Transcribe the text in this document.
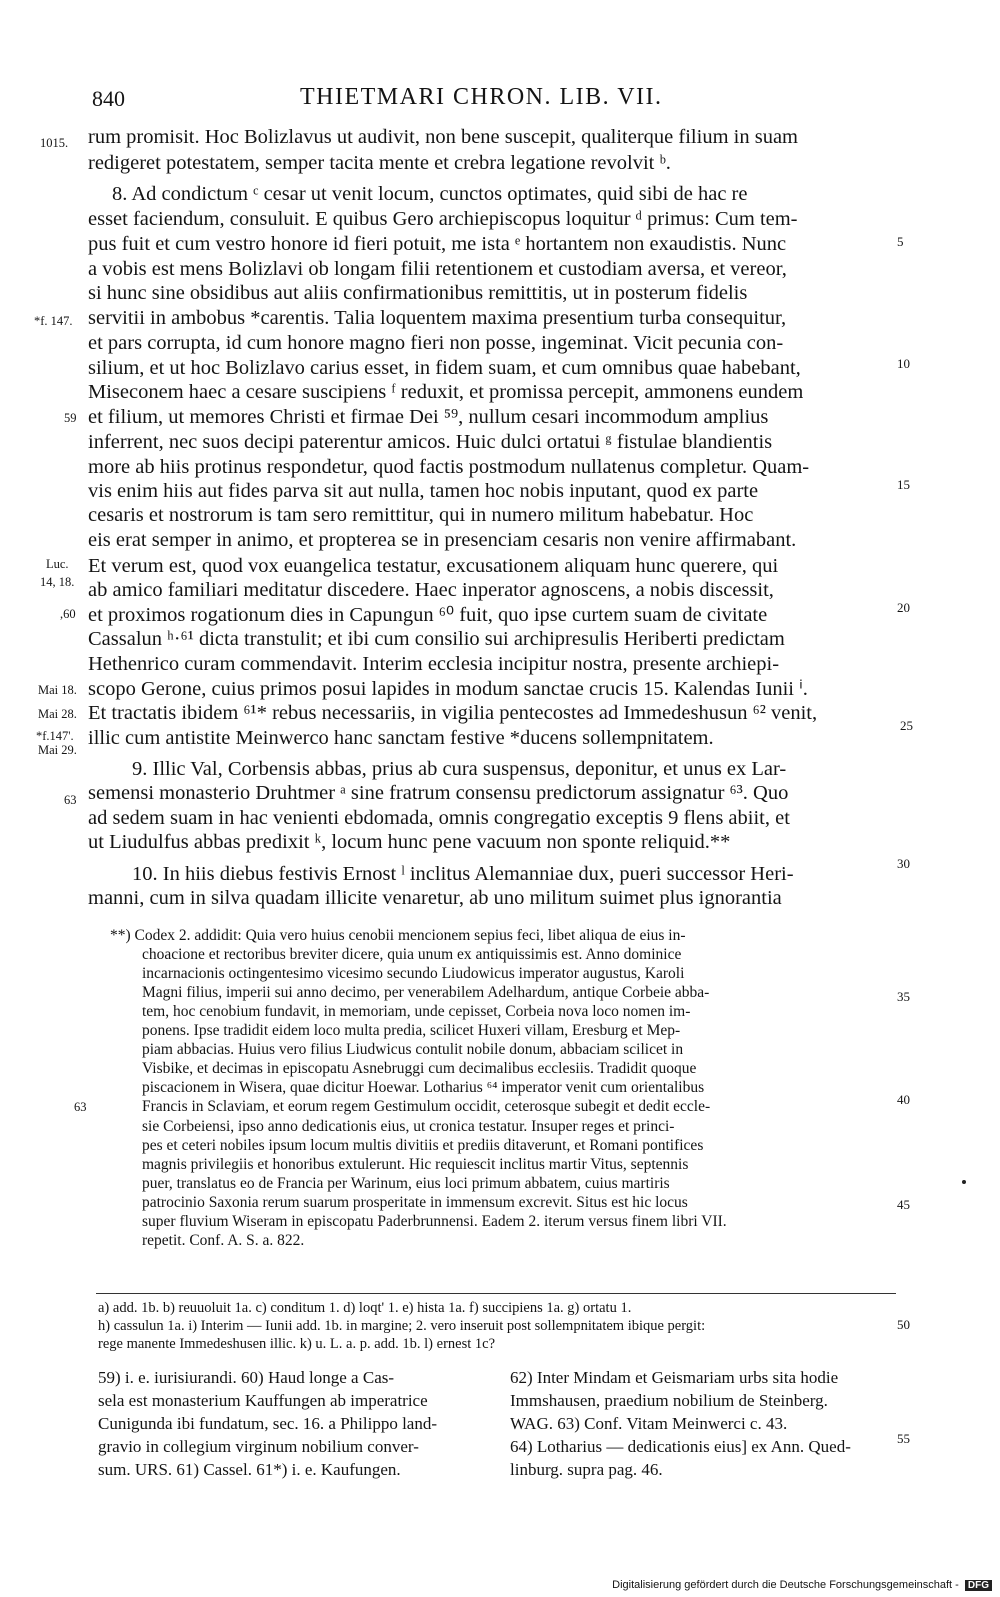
840	THIETMARI CHRON. LIB. VII.
1015.
*f. 147.
59
Luc.
14, 18.
,60
Mai 18.
Mai 28.
*f.147'.
Mai 29.
63
63
5
10
15
20
25
30
35
40
45
50
55
rum promisit. Hoc Bolizlavus ut audivit, non bene suscepit, qualiterque filium in suam
redigeret potestatem, semper tacita mente et crebra legatione revolvit ᵇ.
8. Ad condictum ᶜ cesar ut venit locum, cunctos optimates, quid sibi de hac re
esset faciendum, consuluit. E quibus Gero archiepiscopus loquitur ᵈ primus: Cum tem-
pus fuit et cum vestro honore id fieri potuit, me ista ᵉ hortantem non exaudistis. Nunc
a vobis est mens Bolizlavi ob longam filii retentionem et custodiam aversa, et vereor,
si hunc sine obsidibus aut aliis confirmationibus remittitis, ut in posterum fidelis
servitii in ambobus *carentis. Talia loquentem maxima presentium turba consequitur,
et pars corrupta, id cum honore magno fieri non posse, ingeminat. Vicit pecunia con-
silium, et ut hoc Bolizlavo carius esset, in fidem suam, et cum omnibus quae habebant,
Miseconem haec a cesare suscipiens ᶠ reduxit, et promissa percepit, ammonens eundem
et filium, ut memores Christi et firmae Dei ⁵⁹, nullum cesari incommodum amplius
inferrent, nec suos decipi paterentur amicos. Huic dulci ortatui ᵍ fistulae blandientis
more ab hiis protinus respondetur, quod factis postmodum nullatenus completur. Quam-
vis enim hiis aut fides parva sit aut nulla, tamen hoc nobis inputant, quod ex parte
cesaris et nostrorum is tam sero remittitur, qui in numero militum habebatur. Hoc
eis erat semper in animo, et propterea se in presenciam cesaris non venire affirmabant.
Et verum est, quod vox euangelica testatur, excusationem aliquam hunc querere, qui
ab amico familiari meditatur discedere. Haec inperator agnoscens, a nobis discessit,
et proximos rogationum dies in Capungun ⁶⁰ fuit, quo ipse curtem suam de civitate
Cassalun ʰ·⁶¹ dicta transtulit; et ibi cum consilio sui archipresulis Heriberti predictam
Hethenrico curam commendavit. Interim ecclesia incipitur nostra, presente archiepi-
scopo Gerone, cuius primos posui lapides in modum sanctae crucis 15. Kalendas Iunii ⁱ.
Et tractatis ibidem ⁶¹* rebus necessariis, in vigilia pentecostes ad Immedeshusun ⁶² venit,
illic cum antistite Meinwerco hanc sanctam festive *ducens sollempnitatem.
9. Illic Val, Corbensis abbas, prius ab cura suspensus, deponitur, et unus ex Lar-
semensi monasterio Druhtmer ᵃ sine fratrum consensu predictorum assignatur ⁶³. Quo
ad sedem suam in hac venienti ebdomada, omnis congregatio exceptis 9 flens abiit, et
ut Liudulfus abbas predixit ᵏ, locum hunc pene vacuum non sponte reliquid.**
10. In hiis diebus festivis Ernost ˡ inclitus Alemanniae dux, pueri successor Heri-
manni, cum in silva quadam illicite venaretur, ab uno militum suimet plus ignorantia
**) Codex 2. addidit: Quia vero huius cenobii mencionem sepius feci, libet aliqua de eius in-
choacione et rectoribus breviter dicere, quia unum ex antiquissimis est. Anno dominice
incarnacionis octingentesimo vicesimo secundo Liudowicus imperator augustus, Karoli
Magni filius, imperii sui anno decimo, per venerabilem Adelhardum, antique Corbeie abba-
tem, hoc cenobium fundavit, in memoriam, unde cepisset, Corbeia nova loco nomen im-
ponens. Ipse tradidit eidem loco multa predia, scilicet Huxeri villam, Eresburg et Mep-
piam abbacias. Huius vero filius Liudwicus contulit nobile donum, abbaciam scilicet in
Visbike, et decimas in episcopatu Asnebruggi cum decimalibus ecclesiis. Tradidit quoque
piscacionem in Wisera, quae dicitur Hoewar. Lotharius ⁶⁴ imperator venit cum orientalibus
Francis in Sclaviam, et eorum regem Gestimulum occidit, ceterosque subegit et dedit eccle-
sie Corbeiensi, ipso anno dedicationis eius, ut cronica testatur. Insuper reges et princi-
pes et ceteri nobiles ipsum locum multis divitiis et prediis ditaverunt, et Romani pontifices
magnis privilegiis et honoribus extulerunt. Hic requiescit inclitus martir Vitus, septennis
puer, translatus eo de Francia per Warinum, eius loci primum abbatem, cuius martiris
patrocinio Saxonia rerum suarum prosperitate in immensum excrevit. Situs est hic locus
super fluvium Wiseram in episcopatu Paderbrunnensi. Eadem 2. iterum versus finem libri VII.
repetit. Conf. A. S. a. 822.
a) add. 1b. b) reuuoluit 1a. c) conditum 1. d) loqt' 1. e) hista 1a. f) succipiens 1a. g) ortatu 1.
h) cassulun 1a. i) Interim — Iunii add. 1b. in margine; 2. vero inseruit post sollempnitatem ibique pergit:
rege manente Immedeshusen illic. k) u. L. a. p. add. 1b. l) ernest 1c?
59) i. e. iurisiurandi. 60) Haud longe a Cas-
sela est monasterium Kauffungen ab imperatrice
Cunigunda ibi fundatum, sec. 16. a Philippo land-
gravio in collegium virginum nobilium conver-
sum. URS. 61) Cassel. 61*) i. e. Kaufungen.
62) Inter Mindam et Geismariam urbs sita hodie
Immshausen, praedium nobilium de Steinberg.
WAG. 63) Conf. Vitam Meinwerci c. 43.
64) Lotharius — dedicationis eius] ex Ann. Qued-
linburg. supra pag. 46.
Digitalisierung gefördert durch die Deutsche Forschungsgemeinschaft - DFG
